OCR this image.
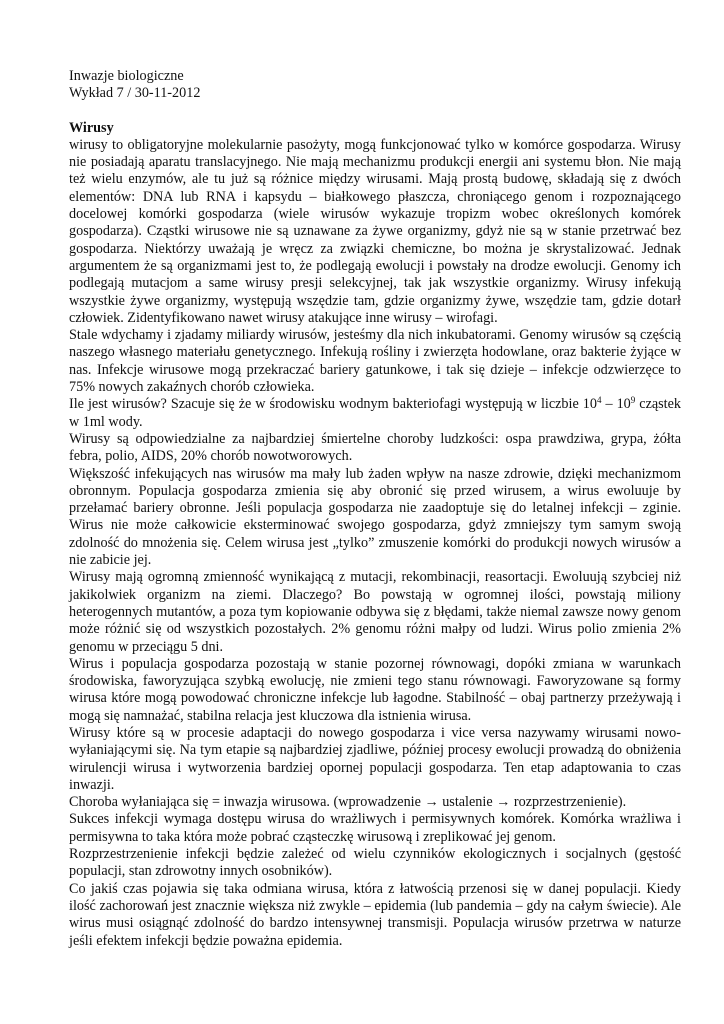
Inwazje biologiczne

Wykład 7 / 30-11-2012

Wirusy

wirusy to obligatoryjne molekularnie pasożyty, mogą funkcjonować tylko w komórce gospodarza. Wirusy nie posiadają aparatu translacyjnego. Nie mają mechanizmu produkcji energii ani systemu błon. Nie mają też wielu enzymów, ale tu już są różnice między wirusami. Mają prostą budowę, składają się z dwóch elementów: DNA lub RNA i kapsydu – białkowego płaszcza, chroniącego genom i rozpoznającego docelowej komórki gospodarza (wiele wirusów wykazuje tropizm wobec określonych komórek gospodarza). Cząstki wirusowe nie są uznawane za żywe organizmy, gdyż nie są w stanie przetrwać bez gospodarza. Niektórzy uważają je wręcz za związki chemiczne, bo można je skrystalizować. Jednak argumentem że są organizmami jest to, że podlegają ewolucji i powstały na drodze ewolucji. Genomy ich podlegają mutacjom a same wirusy presji selekcyjnej, tak jak wszystkie organizmy. Wirusy infekują wszystkie żywe organizmy, występują wszędzie tam, gdzie organizmy żywe, wszędzie tam, gdzie dotarł człowiek. Zidentyfikowano nawet wirusy atakujące inne wirusy – wirofagi.

Stale wdychamy i zjadamy miliardy wirusów, jesteśmy dla nich inkubatorami. Genomy wirusów są częścią naszego własnego materiału genetycznego. Infekują rośliny i zwierzęta hodowlane, oraz bakterie żyjące w nas. Infekcje wirusowe mogą przekraczać bariery gatunkowe, i tak się dzieje – infekcje odzwierzęce to 75% nowych zakaźnych chorób człowieka.

Ile jest wirusów? Szacuje się że w środowisku wodnym bakteriofagi występują w liczbie $10^4 - 10^9$ cząstek w 1ml wody.

Wirusy są odpowiedzialne za najbardziej śmiertelne choroby ludzkości: ospa prawdziwa, grypa, żółta febra, polio, AIDS, 20% chorób nowotworowych.

Większość infekujących nas wirusów ma mały lub żaden wpływ na nasze zdrowie, dzięki mechanizmom obronnym. Populacja gospodarza zmienia się aby obronić się przed wirusem, a wirus ewoluuje by przełamać bariery obronne. Jeśli populacja gospodarza nie zaadoptuje się do letalnej infekcji – zginie. Wirus nie może całkowicie eksterminować swojego gospodarza, gdyż zmniejszy tym samym swoją zdolność do mnożenia się. Celem wirusa jest „tylko” zmuszenie komórki do produkcji nowych wirusów a nie zabicie jej.

Wirusy mają ogromną zmienność wynikającą z mutacji, rekombinacji, reasortacji. Ewoluują szybciej niż jakikolwiek organizm na ziemi. Dlaczego? Bo powstają w ogromnej ilości, powstają miliony heterogennych mutantów, a poza tym kopiowanie odbywa się z błędami, także niemal zawsze nowy genom może różnić się od wszystkich pozostałych. 2% genomu różni małpy od ludzi. Wirus polio zmienia 2% genomu w przeciągu 5 dni.

Wirus i populacja gospodarza pozostają w stanie pozornej równowagi, dopóki zmiana w warunkach środowiska, faworyzująca szybką ewolucję, nie zmieni tego stanu równowagi. Faworyzowane są formy wirusa które mogą powodować chroniczne infekcje lub łagodne. Stabilność – obaj partnerzy przeżywają i mogą się namnażać, stabilna relacja jest kluczowa dla istnienia wirusa.

Wirusy które są w procesie adaptacji do nowego gospodarza i vice versa nazywamy wirusami nowo-wyłaniającymi się. Na tym etapie są najbardziej zjadliwe, później procesy ewolucji prowadzą do obniżenia wirulencji wirusa i wytworzenia bardziej opornej populacji gospodarza. Ten etap adaptowania to czas inwazji.

Choroba wyłaniająca się = inwazja wirusowa. (wprowadzenie → ustalenie → rozprzestrzenienie).

Sukces infekcji wymaga dostępu wirusa do wrażliwych i permisywnych komórek. Komórka wrażliwa i permisywna to taka która może pobrać cząsteczkę wirusową i zreplikować jej genom.

Rozprzestrzenienie infekcji będzie zależeć od wielu czynników ekologicznych i socjalnych (gęstość populacji, stan zdrowotny innych osobników).

Co jakiś czas pojawia się taka odmiana wirusa, która z łatwością przenosi się w danej populacji. Kiedy ilość zachorowań jest znacznie większa niż zwykle – epidemia (lub pandemia – gdy na całym świecie). Ale wirus musi osiągnąć zdolność do bardzo intensywnej transmisji. Populacja wirusów przetrwa w naturze jeśli efektem infekcji będzie poważna epidemia.
